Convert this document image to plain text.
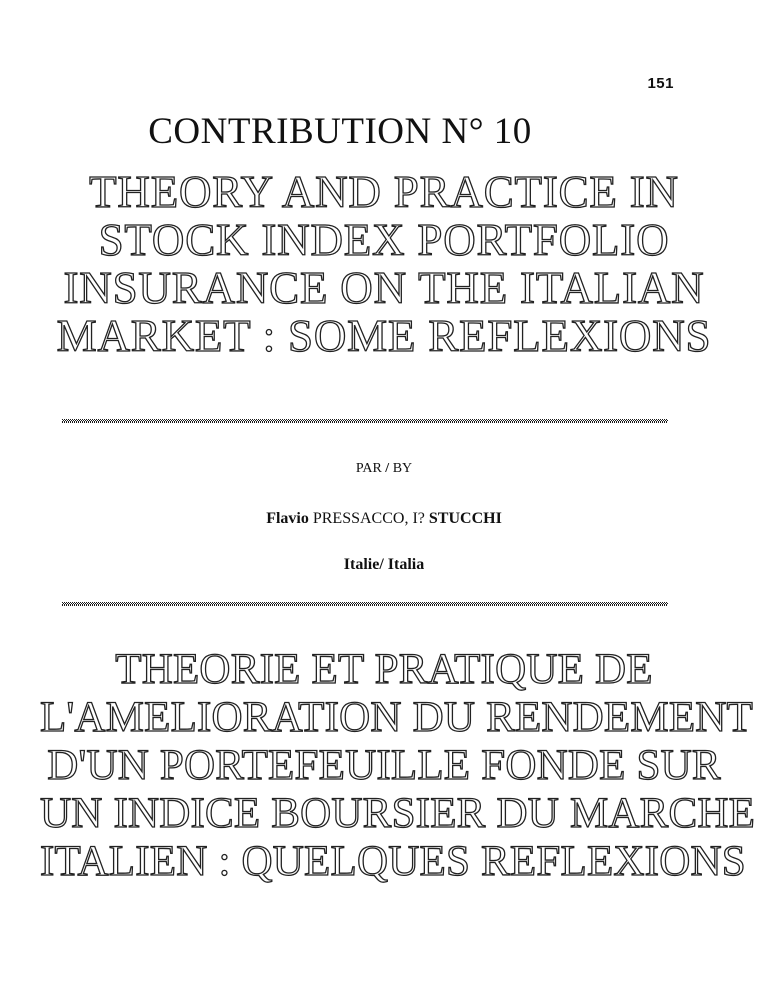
151
CONTRIBUTION N° 10
THEORY AND PRACTICE IN
STOCK INDEX PORTFOLIO
INSURANCE ON THE ITALIAN
MARKET : SOME REFLEXIONS
PAR / BY
Flavio PRESSACCO, I? STUCCHI
Italie/ Italia
THEORIE ET PRATIQUE DE
L'AMELIORATION DU RENDEMENT
D'UN PORTEFEUILLE FONDE SUR
UN INDICE BOURSIER DU MARCHE
ITALIEN : QUELQUES REFLEXIONS
